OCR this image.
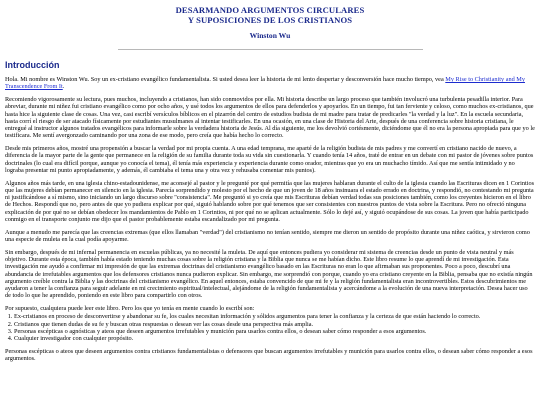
DESARMANDO ARGUMENTOS CIRCULARES
Y SUPOSICIONES DE LOS CRISTIANOS
Winston Wu
Introducción

Hola. Mi nombre es Winston Wu. Soy un ex-cristiano evangélico fundamentalista. Si usted desea leer la historia de mi lento despertar y desconversión hace mucho tiempo, vea My Rise to Christianity and My Transcendence From It.

Recomiendo vigorosamente su lectura, pues muchos, incluyendo a cristianos, han sido conmovidos por ella. Mi historia describe un largo proceso que también involucró una turbulenta pesadilla interior. Para abreviar, durante mi niñez fui cristiano evangélico como por ocho años, y usé todos los argumentos de ellos para defenderlos y apoyarlos. En un tiempo, fui tan ferviente y celoso, como muchos ex-cristianos, que hasta hice la siguiente clase de cosas. Una vez, casi escribí versículos bíblicos en el pizarrón del centro de estudios budista de mi madre para tratar de predicarles "la verdad y la luz". En la escuela secundaria, hasta corrí el riesgo de ser atacado físicamente por estudiantes musulmanes al intentar testificarles. En una ocasión, en una clase de Historia del Arte, después de una conferencia sobre historia cristiana, le entregué al instructor algunos tratados evangélicos para informarle sobre la verdadera historia de Jesús. Al día siguiente, me los devolvió cortésmente, diciéndome que él no era la persona apropiada para que yo le testificara. Me sentí avergonzado caminando por una zona de ese modo, pero creía que había hecho lo correcto.

Desde mis primeros años, mostré una propensión a buscar la verdad por mi propia cuenta. A una edad temprana, me aparté de la religión budista de mis padres y me convertí en cristiano nacido de nuevo, a diferencia de la mayor parte de la gente que permanece en la religión de su familia durante toda su vida sin cuestionarla. Y cuando tenía 14 años, traté de entrar en un debate con mi pastor de jóvenes sobre puntos doctrinales (lo cual era difícil porque, aunque yo conocía el tema), él tenía más experiencia y experiencia durante como orador, mientras que yo era un muchacho tímido. Así que me sentía intimidado y no lograba presentar mi punto apropiadamente, y además, él cambiaba el tema una y otra vez y rehusaba comentar mis puntos).

Algunos años más tarde, en una iglesia chino-estadounidense, me aconsejé al pastor y le pregunté por qué permitía que las mujeres hablaran durante el culto de la iglesia cuando las Escrituras dicen en 1 Corintios que las mujeres debían permanecer en silencio en la iglesia. Parecía sorprendido y molesto por el hecho de que un joven de 18 años insinuara el estado errado en doctrina, y respondió, no contestando mi pregunta ni justificándose a sí mismo, sino iniciando un largo discurso sobre "consistencia". Me preguntó si yo creía que mis Escrituras debían verdad todas sus posiciones también, como los creyentes hicieron en el libro de Hechos. Respondí que no, pero antes de que yo pudiera explicar por qué, siguió hablando sobre por qué tenemos que ser consistentes con nuestros puntos de vista sobre la Escritura. Pero no ofreció ninguna explicación de por qué no se debían obedecer los mandamientos de Pablo en 1 Corintios, ni por qué no se aplican actualmente. Sólo lo dejé así, y siguió ocupándose de sus cosas. La joven que había participado conmigo en el transporte conjunto me dijo que el pastor probablemente estaba escandalizado por mi pregunta.

Aunque a menudo me parecía que las creencias extremas (que ellos llamaban "verdad") del cristianismo no tenían sentido, siempre me dieron un sentido de propósito durante una niñez caótica, y sirvieron como una especie de muleta en la cual podía apoyarme.

Sin embargo, después de mi infernal permanencia en escuelas públicas, ya no necesité la muleta. De aquí que entonces pudiera yo considerar mi sistema de creencias desde un punto de vista neutral y más objetivo. Durante esta época, también había estado teniendo muchas cosas sobre la religión cristiana y la Biblia que nunca se me habían dicho. Este libro resume lo que aprendí de mi investigación. Esta investigación me ayudó a confirmar mi impresión de que las extremas doctrinas del cristianismo evangélico basado en las Escrituras no eran lo que afirmaban sus proponentes. Poco a poco, descubrí una abundancia de irrefutables argumentos que los defensores cristianos nunca pudieron explicar. Sin embargo, me sorprendió con porque, cuando yo era cristiano creyente en la Biblia, pensaba que no existía ningún argumento creíble contra la Biblia y las doctrinas del cristianismo evangélico. En aquel entonces, estaba convencido de que mi fe y la religión fundamentalista eran incontrovertibles. Estos descubrimientos me ayudaron a tener la confianza para seguir adelante en mi crecimiento espiritual/intelectual, alejándome de la religión fundamentalista y acercándome a la evolución de una nueva interpretación. Desea hacer uso de todo lo que he aprendido, poniendo en este libro para compartirlo con otros.

Por supuesto, cualquiera puede leer este libro. Pero los que yo tenía en mente cuando lo escribí son:

1. Ex-cristianos en proceso de desconvertirse y abandonar su fe, los cuales necesitan información y sólidos argumentos para tener la confianza y la certeza de que están haciendo lo correcto.
2. Cristianos que tienen dudas de su fe y buscan otras respuestas o desean ver las cosas desde una perspectiva más amplia.
3. Personas escépticas o agnósticas y ateos que deseen argumentos irrefutables y munición para usarlos contra ellos, o desean saber cómo responder a esos argumentos.
4. Cualquier investigador con cualquier propósito.

Personas escépticas o ateos que deseen argumentos contra cristianos fundamentalistas o defensores que buscan argumentos irrefutables y munición para usarlos contra ellos, o desean saber cómo responder a esos argumentos.
